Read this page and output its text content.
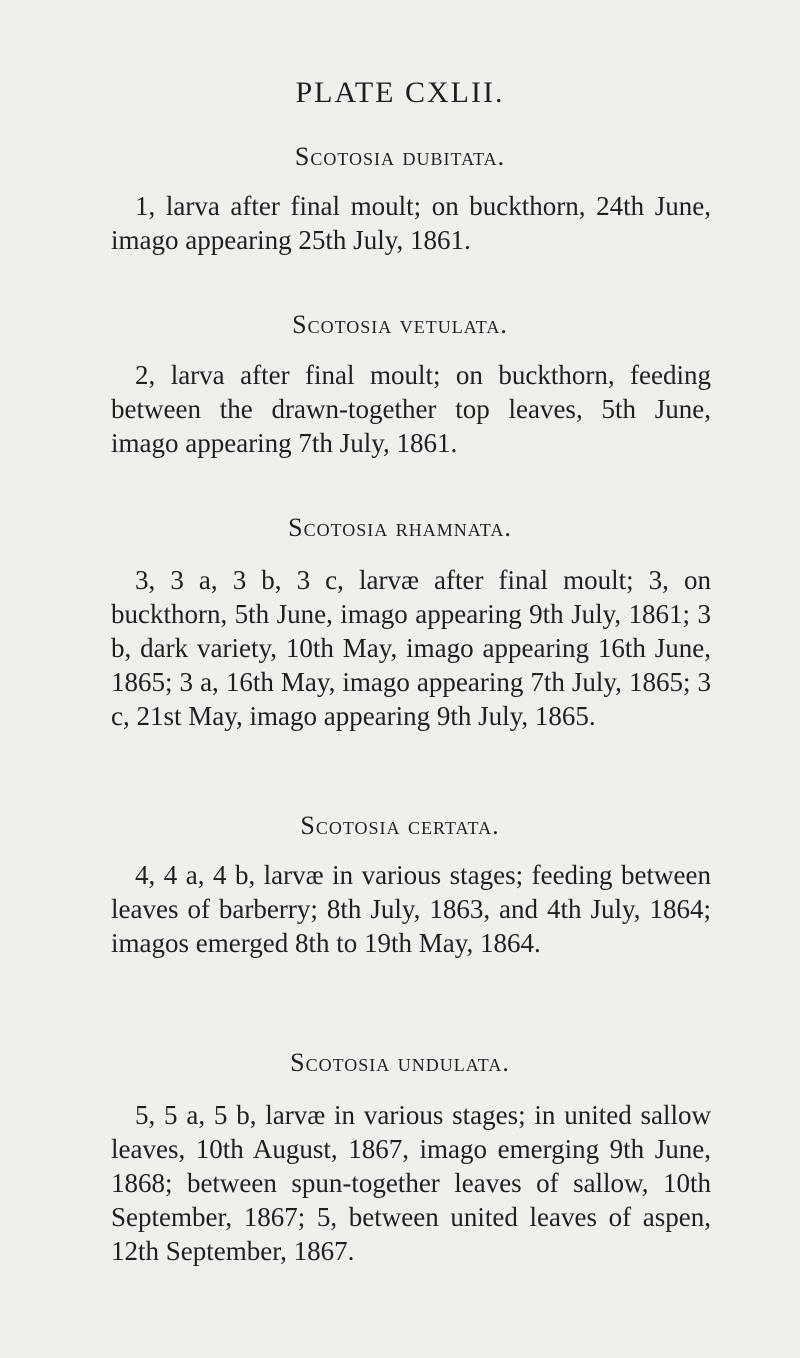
PLATE CXLII.
Scotosia dubitata.

1, larva after final moult; on buckthorn, 24th June, imago appearing 25th July, 1861.

Scotosia vetulata.

2, larva after final moult; on buckthorn, feeding between the drawn-together top leaves, 5th June, imago appearing 7th July, 1861.

Scotosia rhamnata.

3, 3 a, 3 b, 3 c, larvæ after final moult; 3, on buckthorn, 5th June, imago appearing 9th July, 1861; 3 b, dark variety, 10th May, imago appearing 16th June, 1865; 3 a, 16th May, imago appearing 7th July, 1865; 3 c, 21st May, imago appearing 9th July, 1865.

Scotosia certata.

4, 4 a, 4 b, larvæ in various stages; feeding between leaves of barberry; 8th July, 1863, and 4th July, 1864; imagos emerged 8th to 19th May, 1864.

Scotosia undulata.

5, 5 a, 5 b, larvæ in various stages; in united sallow leaves, 10th August, 1867, imago emerging 9th June, 1868; between spun-together leaves of sallow, 10th September, 1867; 5, between united leaves of aspen, 12th September, 1867.
